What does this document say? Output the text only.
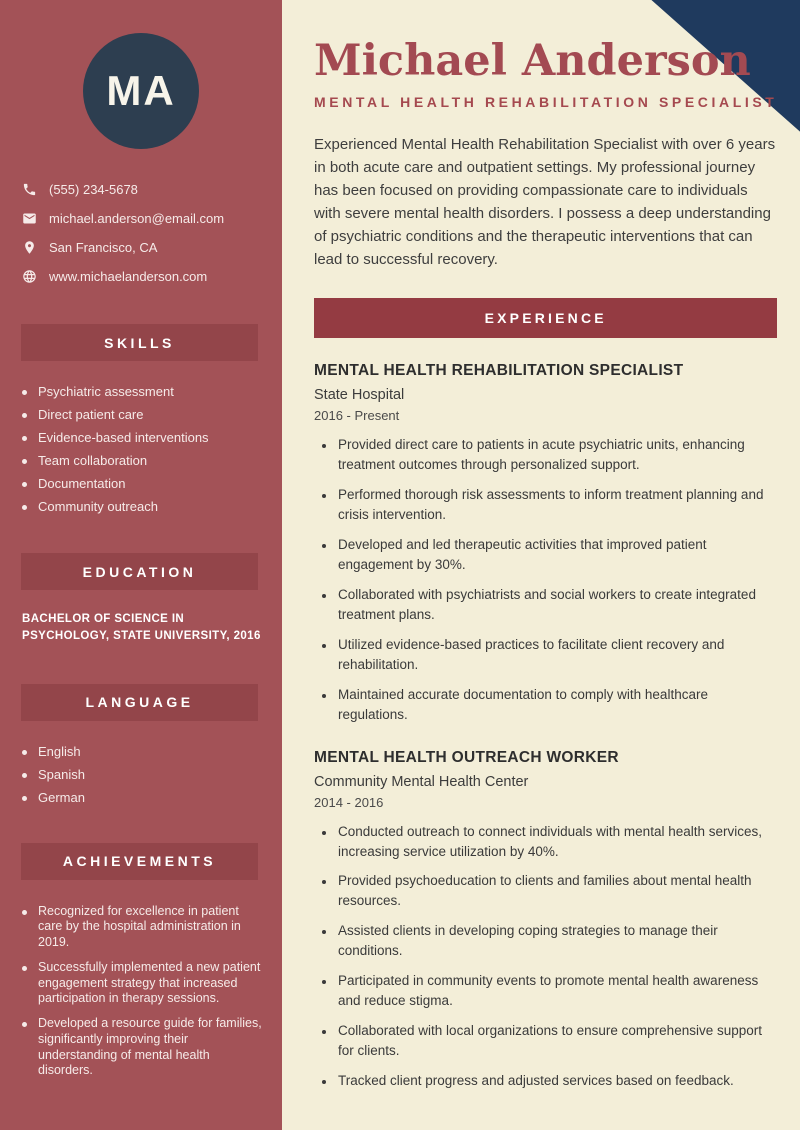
MA
(555) 234-5678
michael.anderson@email.com
San Francisco, CA
www.michaelanderson.com
SKILLS
Psychiatric assessment
Direct patient care
Evidence-based interventions
Team collaboration
Documentation
Community outreach
EDUCATION
BACHELOR OF SCIENCE IN PSYCHOLOGY, STATE UNIVERSITY, 2016
LANGUAGE
English
Spanish
German
ACHIEVEMENTS
Recognized for excellence in patient care by the hospital administration in 2019.
Successfully implemented a new patient engagement strategy that increased participation in therapy sessions.
Developed a resource guide for families, significantly improving their understanding of mental health disorders.
Michael Anderson
MENTAL HEALTH REHABILITATION SPECIALIST

Experienced Mental Health Rehabilitation Specialist with over 6 years in both acute care and outpatient settings. My professional journey has been focused on providing compassionate care to individuals with severe mental health disorders. I possess a deep understanding of psychiatric conditions and the therapeutic interventions that can lead to successful recovery.

EXPERIENCE
MENTAL HEALTH REHABILITATION SPECIALIST
State Hospital
2016 - Present
• Provided direct care to patients in acute psychiatric units, enhancing treatment outcomes through personalized support.
• Performed thorough risk assessments to inform treatment planning and crisis intervention.
• Developed and led therapeutic activities that improved patient engagement by 30%.
• Collaborated with psychiatrists and social workers to create integrated treatment plans.
• Utilized evidence-based practices to facilitate client recovery and rehabilitation.
• Maintained accurate documentation to comply with healthcare regulations.
MENTAL HEALTH OUTREACH WORKER
Community Mental Health Center
2014 - 2016
• Conducted outreach to connect individuals with mental health services, increasing service utilization by 40%.
• Provided psychoeducation to clients and families about mental health resources.
• Assisted clients in developing coping strategies to manage their conditions.
• Participated in community events to promote mental health awareness and reduce stigma.
• Collaborated with local organizations to ensure comprehensive support for clients.
• Tracked client progress and adjusted services based on feedback.
